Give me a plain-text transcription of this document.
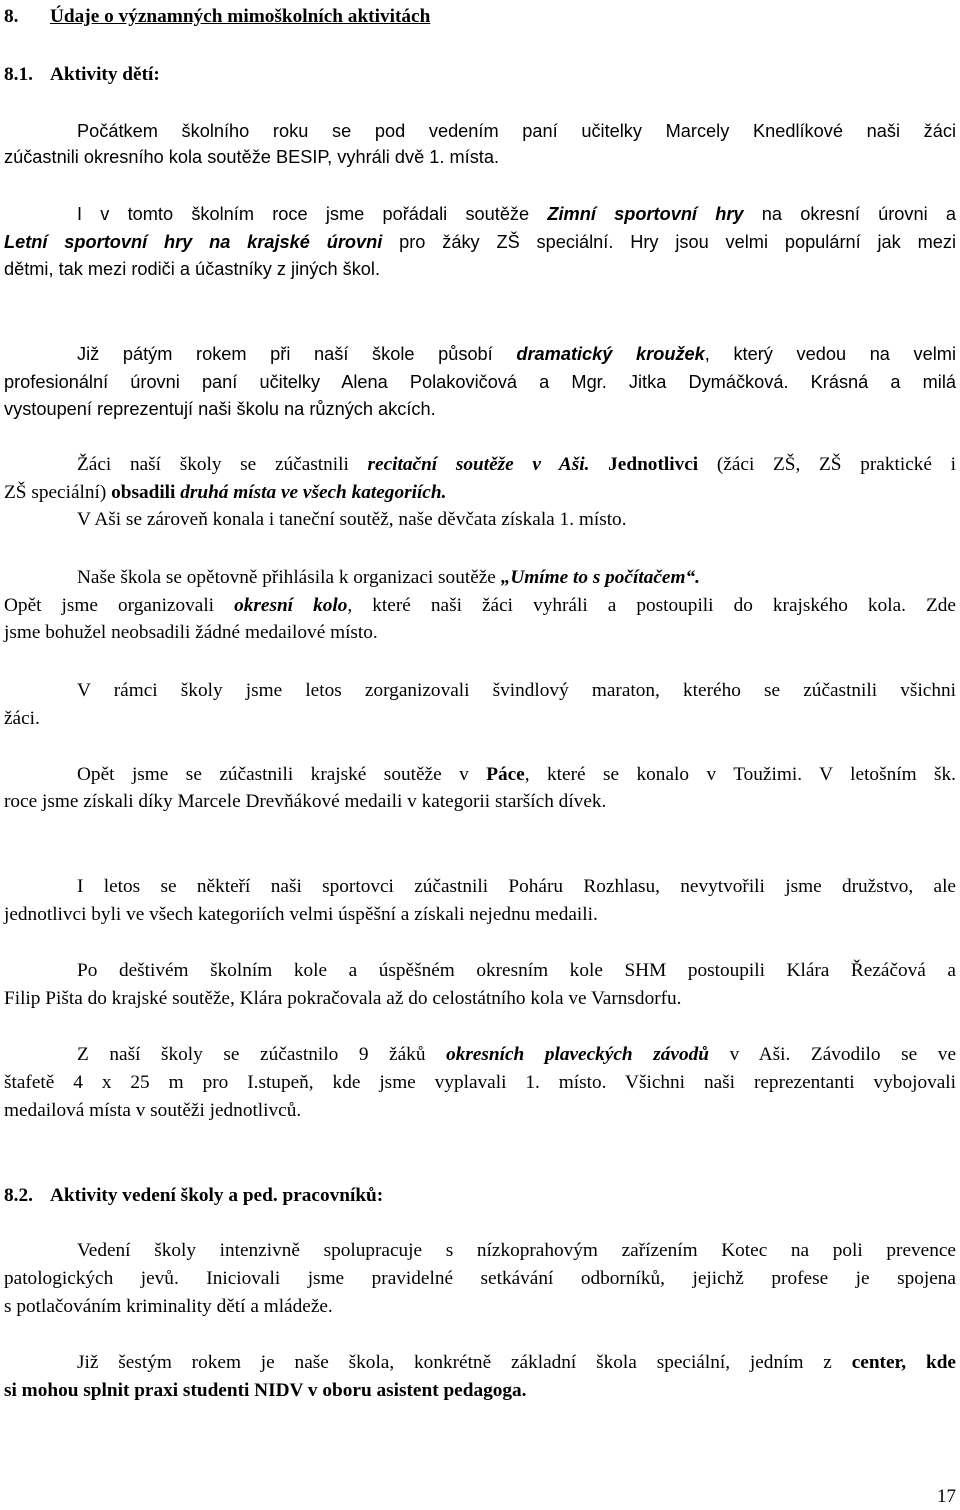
8. Údaje o významných mimoškolních aktivitách

8.1. Aktivity dětí:

Počátkem školního roku se pod vedením paní učitelky Marcely Knedlíkové naši žáci

zúčastnili okresního kola soutěže BESIP, vyhráli dvě 1. místa.

I v tomto školním roce jsme pořádali soutěže Zimní sportovní hry na okresní úrovni a

Letní sportovní hry na krajské úrovni pro žáky ZŠ speciální. Hry jsou velmi populární jak mezi

dětmi, tak mezi rodiči a účastníky z jiných škol.

Již pátým rokem při naší škole působí dramatický kroužek, který vedou na velmi

profesionální úrovni paní učitelky Alena Polakovičová a Mgr. Jitka Dymáčková. Krásná a milá

vystoupení reprezentují naši školu na různých akcích.

Žáci naší školy se zúčastnili recitační soutěže v Aši. Jednotlivci (žáci ZŠ, ZŠ praktické i

ZŠ speciální) obsadili druhá místa ve všech kategoriích.

V Aši se zároveň konala i taneční soutěž, naše děvčata získala 1. místo.

Naše škola se opětovně přihlásila k organizaci soutěže „Umíme to s počítačem“.

Opět jsme organizovali okresní kolo, které naši žáci vyhráli a postoupili do krajského kola. Zde

jsme bohužel neobsadili žádné medailové místo.

V rámci školy jsme letos zorganizovali švindlový maraton, kterého se zúčastnili všichni

žáci.

Opět jsme se zúčastnili krajské soutěže v Páce, které se konalo v Toužimi. V letošním šk.

roce jsme získali díky Marcele Drevňákové medaili v kategorii starších dívek.

I letos se někteří naši sportovci zúčastnili Poháru Rozhlasu, nevytvořili jsme družstvo, ale

jednotlivci byli ve všech kategoriích velmi úspěšní a získali nejednu medaili.

Po deštivém školním kole a úspěšném okresním kole SHM postoupili Klára Řezáčová a

Filip Pišta do krajské soutěže, Klára pokračovala až do celostátního kola ve Varnsdorfu.

Z naší školy se zúčastnilo 9 žáků okresních plaveckých závodů v Aši. Závodilo se ve

štafetě 4 x 25 m pro I.stupeň, kde jsme vyplavali 1. místo. Všichni naši reprezentanti vybojovali

medailová místa v soutěži jednotlivců.

8.2. Aktivity vedení školy a ped. pracovníků:

Vedení školy intenzivně spolupracuje s nízkoprahovým zařízením Kotec na poli prevence

patologických jevů. Iniciovali jsme pravidelné setkávání odborníků, jejichž profese je spojena

s potlačováním kriminality dětí a mládeže.

Již šestým rokem je naše škola, konkrétně základní škola speciální, jedním z center, kde

si mohou splnit praxi studenti NIDV v oboru asistent pedagoga.

17
